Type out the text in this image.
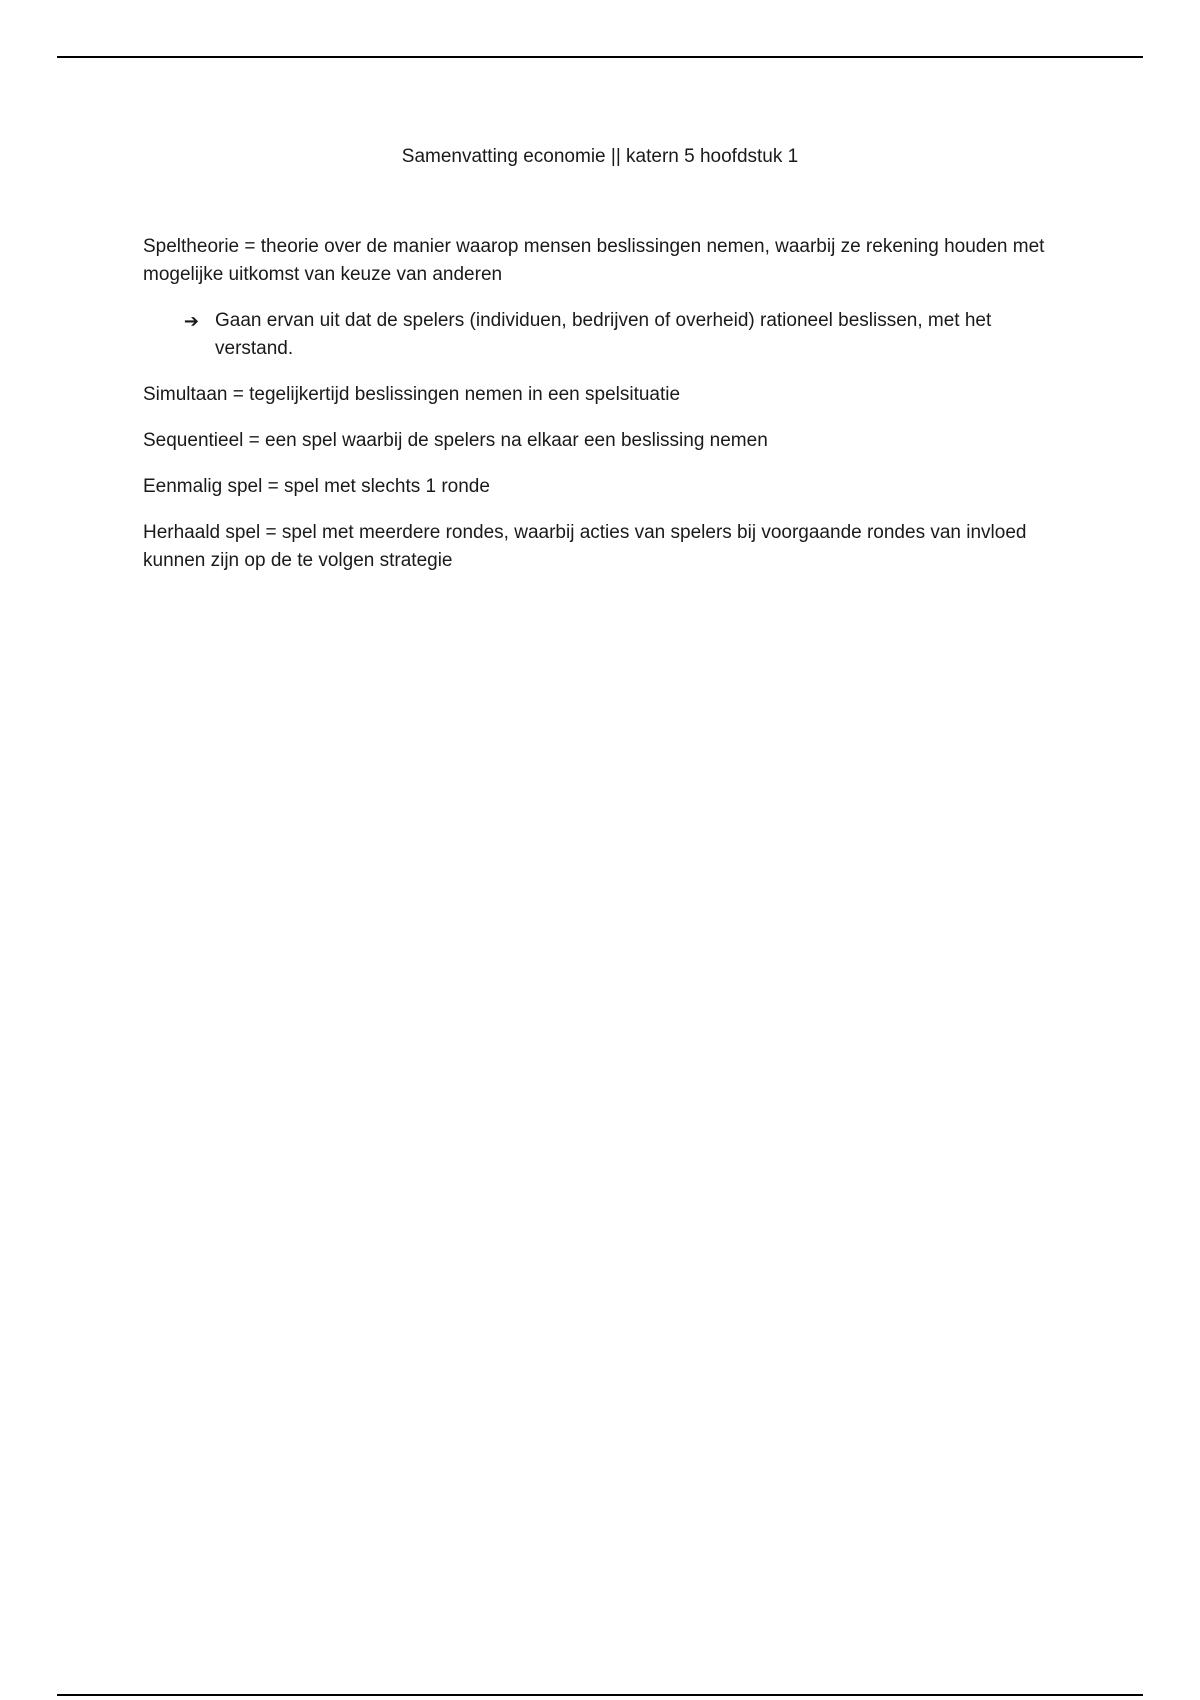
Samenvatting economie || katern 5 hoofdstuk 1

Speltheorie = theorie over de manier waarop mensen beslissingen nemen, waarbij ze rekening houden met mogelijke uitkomst van keuze van anderen

➔ Gaan ervan uit dat de spelers (individuen, bedrijven of overheid) rationeel beslissen, met het verstand.

Simultaan = tegelijkertijd beslissingen nemen in een spelsituatie

Sequentieel = een spel waarbij de spelers na elkaar een beslissing nemen

Eenmalig spel = spel met slechts 1 ronde

Herhaald spel = spel met meerdere rondes, waarbij acties van spelers bij voorgaande rondes van invloed kunnen zijn op de te volgen strategie
